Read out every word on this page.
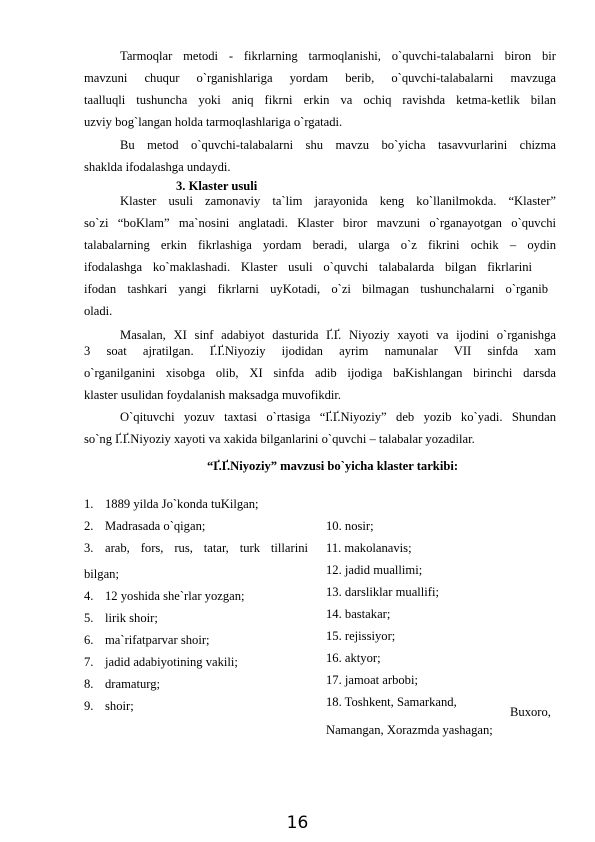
Tarmoqlar metodi - fikrlarning tarmoqlanishi, o`quvchi-talabalarni biron bir
mavzuni chuqur o`rganishlariga yordam berib, o`quvchi-talabalarni mavzuga
taalluqli tushuncha yoki aniq fikrni erkin va ochiq ravishda ketma-ketlik bilan
uzviy bog`langan holda tarmoqlashlariga o`rgatadi.
Bu metod o`quvchi-talabalarni shu mavzu bo`yicha tasavvurlarini chizma
shaklda ifodalashga undaydi.
3. Klaster usuli
Klaster usuli zamonaviy ta`lim jarayonida keng ko`llanilmokda. “Klaster”
so`zi “boKlam” ma`nosini anglatadi. Klaster biror mavzuni o`rganayotgan o`quvchi
talabalarning erkin fikrlashiga yordam beradi, ularga o`z fikrini ochik – oydin
ifodalashga ko`maklashadi. Klaster usuli o`quvchi talabalarda bilgan fikrlarini
ifodan tashkari yangi fikrlarni uyKotadi, o`zi bilmagan tushunchalarni o`rganib
oladi.
Masalan, XI sinf adabiyot dasturida Ґ.Ґ. Niyoziy xayoti va ijodini o`rganishga
3 soat ajratilgan. Ґ.Ґ.Niyoziy ijodidan ayrim namunalar VII sinfda xam
o`rganilganini xisobga olib, XI sinfda adib ijodiga baKishlangan birinchi darsda
klaster usulidan foydalanish maksadga muvofikdir.
O`qituvchi yozuv taxtasi o`rtasiga “Ґ.Ґ.Niyoziy” deb yozib ko`yadi. Shundan
so`ng Ґ.Ґ.Niyoziy xayoti va xakida bilganlarini o`quvchi – talabalar yozadilar.
“Ґ.Ґ.Niyoziy” mavzusi bo`yicha klaster tarkibi:
1. 1889 yilda Jo`konda tuKilgan;
2. Madrasada o`qigan;
3. arab, fors, rus, tatar, turk tillarini
bilgan;
4. 12 yoshida she`rlar yozgan;
5. lirik shoir;
6. ma`rifatparvar shoir;
7. jadid adabiyotining vakili;
8. dramaturg;
9. shoir;
10. nosir;
11. makolanavis;
12. jadid muallimi;
13. darsliklar muallifi;
14. bastakar;
15. rejissiyor;
16. aktyor;
17. jamoat arbobi;
18. Toshkent, Samarkand,
Buxoro,
Namangan, Xorazmda yashagan;
16
